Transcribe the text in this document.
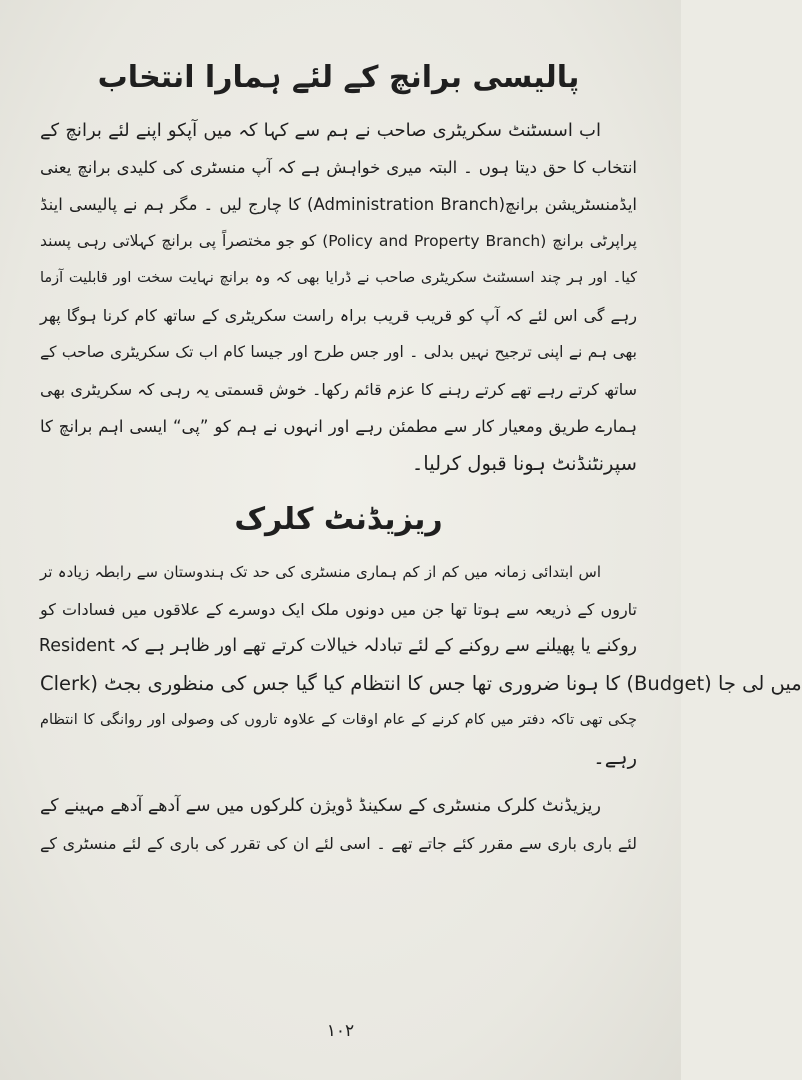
پالیسی برانچ کے لئے ہمارا انتخاب
اب اسسٹنٹ سکریٹری صاحب نے ہم سے کہا کہ میں آپکو اپنے لئے برانچ کے
انتخاب کا حق دیتا ہوں ۔ البتہ میری خواہش ہے کہ آپ منسٹری کی کلیدی برانچ یعنی
ایڈمنسٹریشن برانچ(Administration Branch) کا چارج لیں ۔ مگر ہم نے پالیسی اینڈ
پراپرٹی برانچ (Policy and Property Branch) کو جو مختصراً پی برانچ کہلاتی رہی پسند
کیا۔ اور ہر چند اسسٹنٹ سکریٹری صاحب نے ڈرایا بھی کہ وہ برانچ نہایت سخت اور قابلیت آزما
رہے گی اس لئے کہ آپ کو قریب قریب براہ راست سکریٹری کے ساتھ کام کرنا ہوگا پھر
بھی ہم نے اپنی ترجیح نہیں بدلی ۔ اور جس طرح اور جیسا کام اب تک سکریٹری صاحب کے
ساتھ کرتے رہے تھے کرتے رہنے کا عزم قائم رکھا۔ خوش قسمتی یہ رہی کہ سکریٹری بھی
ہمارے طریق ومعیار کار سے مطمئن رہے اور انہوں نے ہم کو ”پی“ ایسی اہم برانچ کا
سپرنٹنڈنٹ ہونا قبول کرلیا۔
ریزیڈنٹ کلرک
اس ابتدائی زمانہ میں کم از کم ہماری منسٹری کی حد تک ہندوستان سے رابطہ زیادہ تر
تاروں کے ذریعہ سے ہوتا تھا جن میں دونوں ملک ایک دوسرے کے علاقوں میں فسادات کو
روکنے یا پھیلنے سے روکنے کے لئے تبادلہ خیالات کرتے تھے اور ظاہر ہے کہ Resident
Clerk) کا ہونا ضروری تھا جس کا انتظام کیا گیا جس کی منظوری بجٹ (Budget) میں لی جا
چکی تھی تاکہ دفتر میں کام کرنے کے عام اوقات کے علاوہ تاروں کی وصولی اور روانگی کا انتظام
رہے۔
ریزیڈنٹ کلرک منسٹری کے سکینڈ ڈویژن کلرکوں میں سے آدھے آدھے مہینے کے
لئے باری باری سے مقرر کئے جاتے تھے ۔ اسی لئے ان کی تقرر کی باری کے لئے منسٹری کے
۱۰۲
